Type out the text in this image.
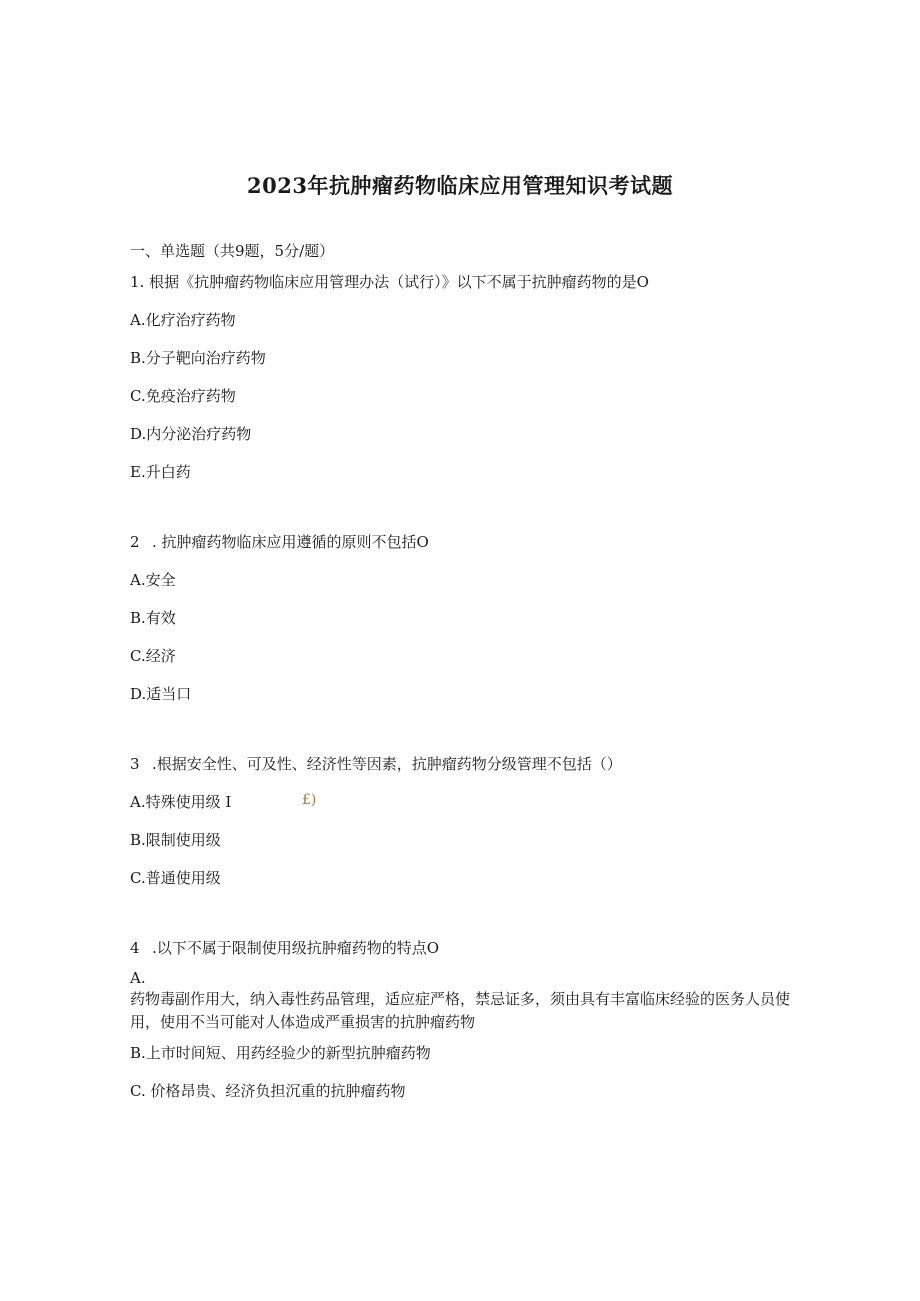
2023年抗肿瘤药物临床应用管理知识考试题
一、单选题（共9题，5分/题）
1. 根据《抗肿瘤药物临床应用管理办法（试行）》以下不属于抗肿瘤药物的是O
A.化疗治疗药物
B.分子靶向治疗药物
C.免疫治疗药物
D.内分泌治疗药物
E.升白药
2 . 抗肿瘤药物临床应用遵循的原则不包括O
A.安全
B.有效
C.经济
D.适当口
3 .根据安全性、可及性、经济性等因素，抗肿瘤药物分级管理不包括（）
A.特殊使用级 I	£)
B.限制使用级
C.普通使用级
4 .以下不属于限制使用级抗肿瘤药物的特点O
A.
药物毒副作用大，纳入毒性药品管理，适应症严格，禁忌证多，须由具有丰富临床经验的医务人员使用，使用不当可能对人体造成严重损害的抗肿瘤药物
B.上市时间短、用药经验少的新型抗肿瘤药物
C. 价格昂贵、经济负担沉重的抗肿瘤药物
